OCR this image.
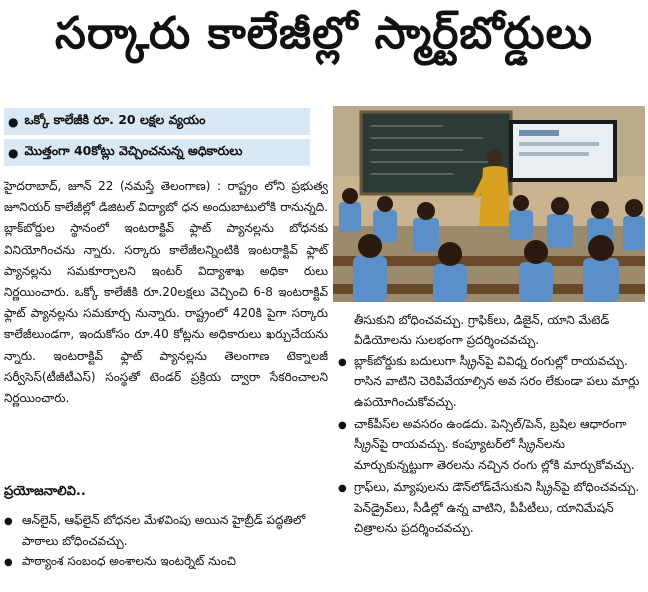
సర్కారు కాలేజీల్లో స్మార్ట్‌బోర్డులు
● ఒక్కో కాలేజీకి రూ. 20 లక్షల వ్యయం
● మొత్తంగా 40కోట్లు వెచ్చించనున్న అధికారులు

హైదరాబాద్, జూన్ 22 (నమస్తే తెలంగాణ) : రాష్ట్రం లోని ప్రభుత్వ జూనియర్ కాలేజీల్లో డిజిటల్ విద్యాబో ధన అందుబాటులోకి రానున్నది. బ్లాక్‌బోర్డుల స్థానంలో ఇంటరాక్టివ్ ఫ్లాట్ ప్యానల్లను బోధనకు వినియోగించను న్నారు. సర్కారు కాలేజీలన్నింటికి ఇంటరాక్టివ్ ఫ్లాట్ ప్యానల్లను సమకూర్చాలని ఇంటర్ విద్యాశాఖ అధికా రులు నిర్ణయించారు. ఒక్కో కాలేజీకి రూ.20లక్షలు వెచ్చించి 6-8 ఇంటరాక్టివ్ ఫ్లాట్ ప్యానల్లను సమకూర్చ నున్నారు. రాష్ట్రంలో 420కి పైగా సర్కారు కాలేజీలుండగా, ఇందుకోసం రూ.40 కోట్లను అధికారులు ఖర్చుచేయను న్నారు. ఇంటరాక్టివ్ ఫ్లాట్ ప్యానల్లను తెలంగాణ టెక్నాలజీ సర్వీసెస్(టీజీటీఎస్) సంస్థతో టెండర్ ప్రక్రియ ద్వారా సేకరించాలని నిర్ణయించారు.

ప్రయోజనాలివి..
● ఆన్‌లైన్, ఆఫ్‌లైన్ బోధనల మేళవింపు అయిన హైబ్రీడ్ పద్ధతిలో పాఠాలు బోధించవచ్చు.
● పాఠ్యాంశ సంబంధ అంశాలను ఇంటర్నెట్ నుంచి
తీసుకుని బోధించవచ్చు. గ్రాఫిక్‌లు, డిజైన్, యాని మేటెడ్ వీడియోలను సులభంగా ప్రదర్శించవచ్చు.
● బ్లాక్‌బోర్డుకు బదులుగా స్క్రీన్‌పై వివిధ్న రంగుల్లో రాయవచ్చు. రాసిన వాటిని చెరిపివేయాల్సిన అవ సరం లేకుండా పలు మార్లు ఉపయోగించుకోవచ్చు.
● చాక్‌పీస్‌ల అవసరం ఉండదు. పెన్సిల్/పెన్, బ్రషిల ఆధారంగా స్క్రీన్‌పై రాయవచ్చు. కంప్యూటర్‌లో స్క్రీన్‌లను మార్చుకున్నట్టుగా తెరలను నచ్చిన రంగు ల్లోకి మార్చుకోవచ్చు.
● గ్రాఫ్‌లు, మ్యాపులను డౌన్‌లోడ్‌చేసుకుని స్క్రీన్‌పై బోధించవచ్చు. పెన్‌డ్రైవ్‌లు, సీడీల్లో ఉన్న వాటిని, పీపీటీలు, యానిమేషన్ చిత్రాలను ప్రదర్శించవచ్చు.
